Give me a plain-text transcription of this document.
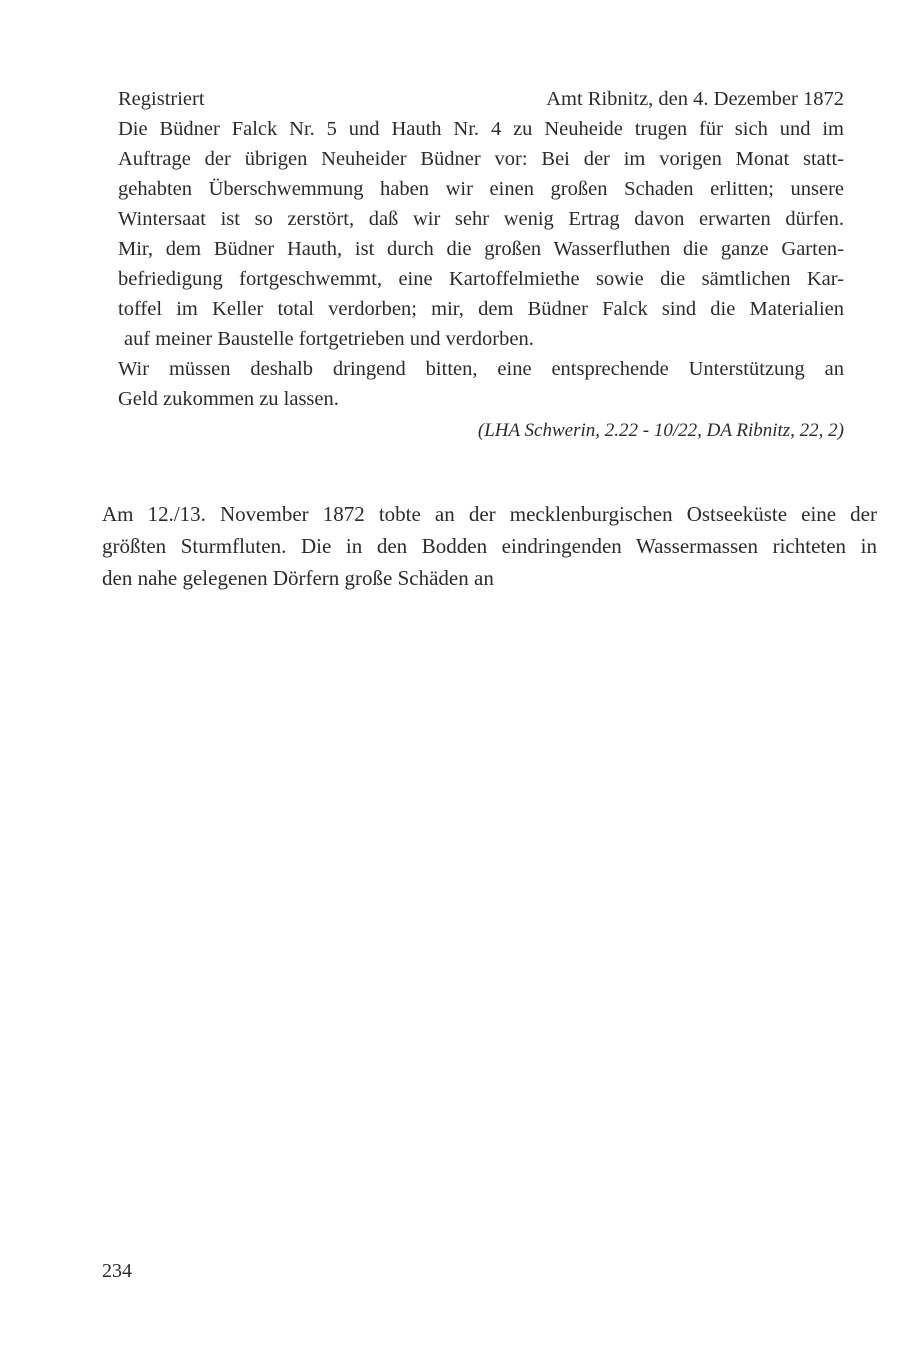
Registriert	Amt Ribnitz, den 4. Dezember 1872
Die Büdner Falck Nr. 5 und Hauth Nr. 4 zu Neuheide trugen für sich und im
Auftrage der übrigen Neuheider Büdner vor: Bei der im vorigen Monat statt-
gehabten Überschwemmung haben wir einen großen Schaden erlitten; unsere
Wintersaat ist so zerstört, daß wir sehr wenig Ertrag davon erwarten dürfen.
Mir, dem Büdner Hauth, ist durch die großen Wasserfluthen die ganze Garten-
befriedigung fortgeschwemmt, eine Kartoffelmiethe sowie die sämtlichen Kar-
toffel im Keller total verdorben; mir, dem Büdner Falck sind die Materialien
auf meiner Baustelle fortgetrieben und verdorben.
Wir müssen deshalb dringend bitten, eine entsprechende Unterstützung an
Geld zukommen zu lassen.
(LHA Schwerin, 2.22 - 10/22, DA Ribnitz, 22, 2)
Am 12./13. November 1872 tobte an der mecklenburgischen Ostseeküste eine der
größten Sturmfluten. Die in den Bodden eindringenden Wassermassen richteten in
den nahe gelegenen Dörfern große Schäden an
234
